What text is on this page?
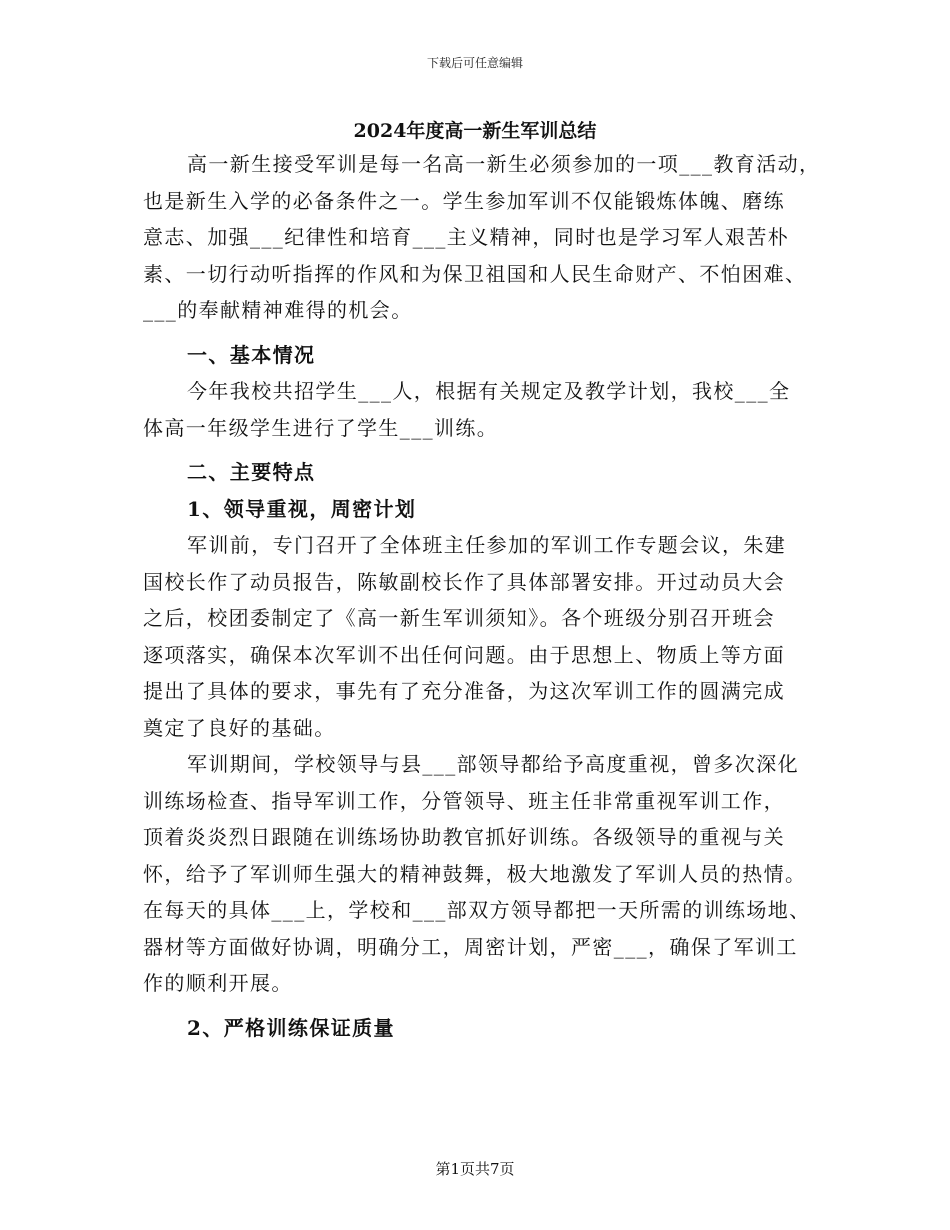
下载后可任意编辑
2024年度高一新生军训总结
高一新生接受军训是每一名高一新生必须参加的一项___教育活动，
也是新生入学的必备条件之一。学生参加军训不仅能锻炼体魄、磨练
意志、加强___纪律性和培育___主义精神，同时也是学习军人艰苦朴
素、一切行动听指挥的作风和为保卫祖国和人民生命财产、不怕困难、
___的奉献精神难得的机会。
一、基本情况
今年我校共招学生___人，根据有关规定及教学计划，我校___全
体高一年级学生进行了学生___训练。
二、主要特点
1、领导重视，周密计划
军训前，专门召开了全体班主任参加的军训工作专题会议，朱建
国校长作了动员报告，陈敏副校长作了具体部署安排。开过动员大会
之后，校团委制定了《高一新生军训须知》。各个班级分别召开班会
逐项落实，确保本次军训不出任何问题。由于思想上、物质上等方面
提出了具体的要求，事先有了充分准备，为这次军训工作的圆满完成
奠定了良好的基础。
军训期间，学校领导与县___部领导都给予高度重视，曾多次深化
训练场检查、指导军训工作，分管领导、班主任非常重视军训工作，
顶着炎炎烈日跟随在训练场协助教官抓好训练。各级领导的重视与关
怀，给予了军训师生强大的精神鼓舞，极大地激发了军训人员的热情。
在每天的具体___上，学校和___部双方领导都把一天所需的训练场地、
器材等方面做好协调，明确分工，周密计划，严密___，确保了军训工
作的顺利开展。
2、严格训练保证质量
第1页共7页
